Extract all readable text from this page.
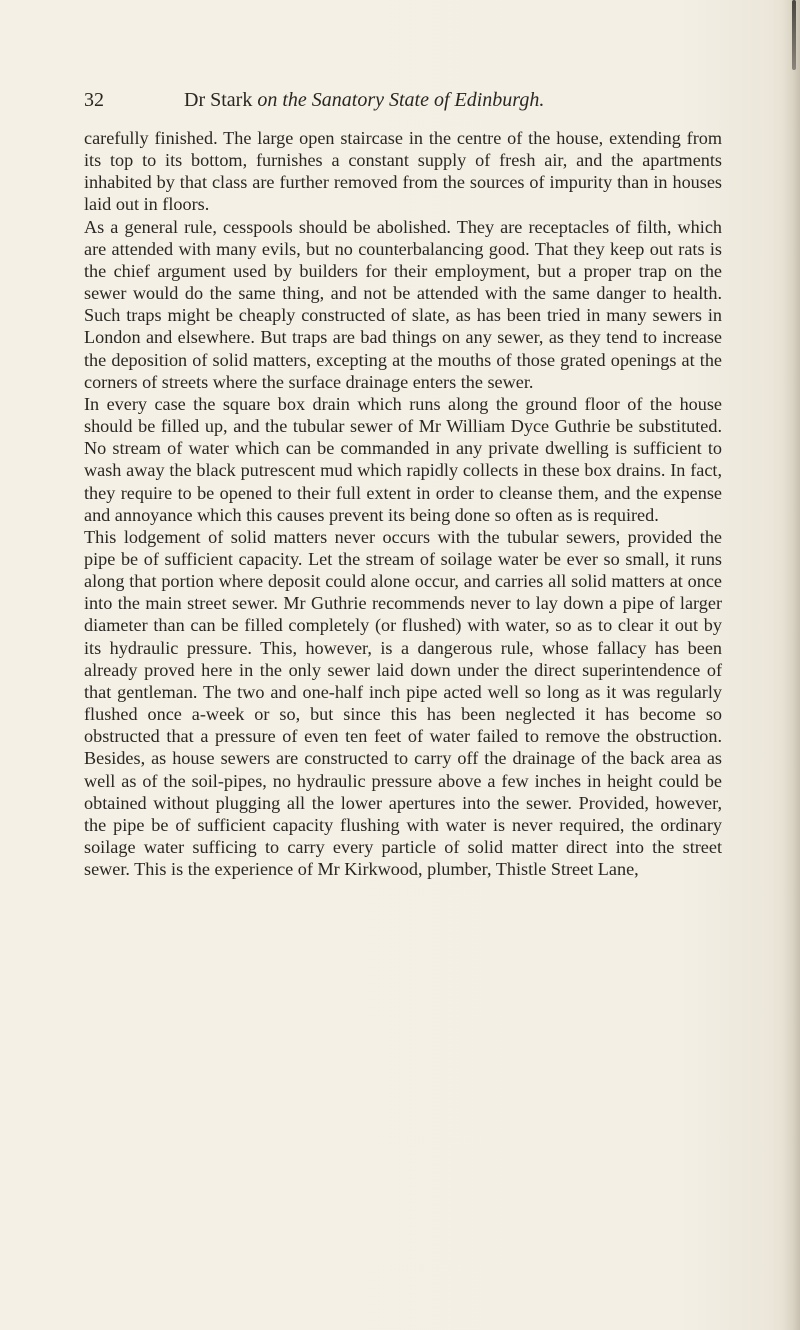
32	Dr Stark on the Sanatory State of Edinburgh.

carefully finished. The large open staircase in the centre of the house, extending from its top to its bottom, furnishes a constant supply of fresh air, and the apartments inhabited by that class are further removed from the sources of impurity than in houses laid out in floors.

As a general rule, cesspools should be abolished. They are receptacles of filth, which are attended with many evils, but no counterbalancing good. That they keep out rats is the chief argument used by builders for their employment, but a proper trap on the sewer would do the same thing, and not be attended with the same danger to health. Such traps might be cheaply constructed of slate, as has been tried in many sewers in London and elsewhere. But traps are bad things on any sewer, as they tend to increase the deposition of solid matters, excepting at the mouths of those grated openings at the corners of streets where the surface drainage enters the sewer.

In every case the square box drain which runs along the ground floor of the house should be filled up, and the tubular sewer of Mr William Dyce Guthrie be substituted. No stream of water which can be commanded in any private dwelling is sufficient to wash away the black putrescent mud which rapidly collects in these box drains. In fact, they require to be opened to their full extent in order to cleanse them, and the expense and annoyance which this causes prevent its being done so often as is required.

This lodgement of solid matters never occurs with the tubular sewers, provided the pipe be of sufficient capacity. Let the stream of soilage water be ever so small, it runs along that portion where deposit could alone occur, and carries all solid matters at once into the main street sewer. Mr Guthrie recommends never to lay down a pipe of larger diameter than can be filled completely (or flushed) with water, so as to clear it out by its hydraulic pressure. This, however, is a dangerous rule, whose fallacy has been already proved here in the only sewer laid down under the direct superintendence of that gentleman. The two and one-half inch pipe acted well so long as it was regularly flushed once a-week or so, but since this has been neglected it has become so obstructed that a pressure of even ten feet of water failed to remove the obstruction. Besides, as house sewers are constructed to carry off the drainage of the back area as well as of the soil-pipes, no hydraulic pressure above a few inches in height could be obtained without plugging all the lower apertures into the sewer. Provided, however, the pipe be of sufficient capacity flushing with water is never required, the ordinary soilage water sufficing to carry every particle of solid matter direct into the street sewer. This is the experience of Mr Kirkwood, plumber, Thistle Street Lane,
